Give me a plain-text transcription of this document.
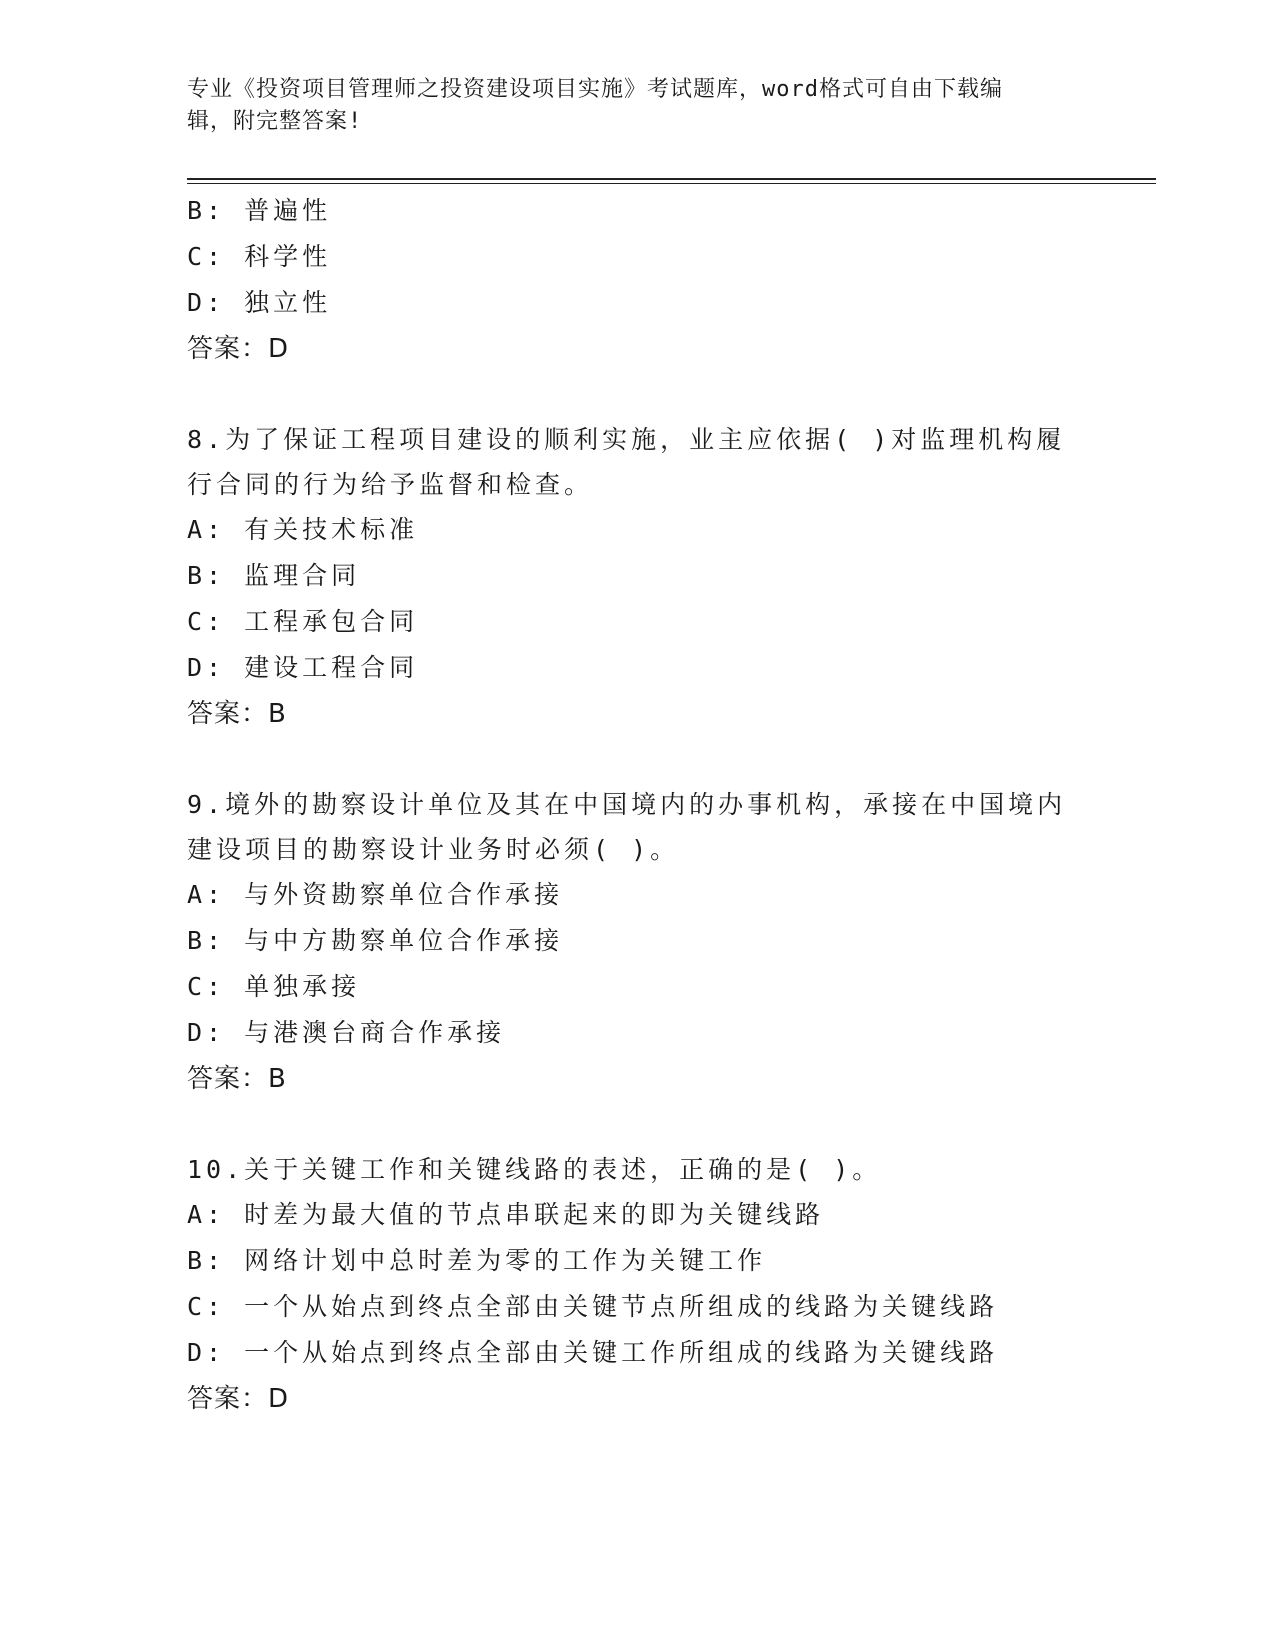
专业《投资项目管理师之投资建设项目实施》考试题库，word格式可自由下载编
辑，附完整答案!
B: 普遍性
C: 科学性
D: 独立性
答案：D
8.为了保证工程项目建设的顺利实施，业主应依据( )对监理机构履
行合同的行为给予监督和检查。
A: 有关技术标准
B: 监理合同
C: 工程承包合同
D: 建设工程合同
答案：B
9.境外的勘察设计单位及其在中国境内的办事机构，承接在中国境内
建设项目的勘察设计业务时必须( )。
A: 与外资勘察单位合作承接
B: 与中方勘察单位合作承接
C: 单独承接
D: 与港澳台商合作承接
答案：B
10.关于关键工作和关键线路的表述，正确的是( )。
A: 时差为最大值的节点串联起来的即为关键线路
B: 网络计划中总时差为零的工作为关键工作
C: 一个从始点到终点全部由关键节点所组成的线路为关键线路
D: 一个从始点到终点全部由关键工作所组成的线路为关键线路
答案：D
